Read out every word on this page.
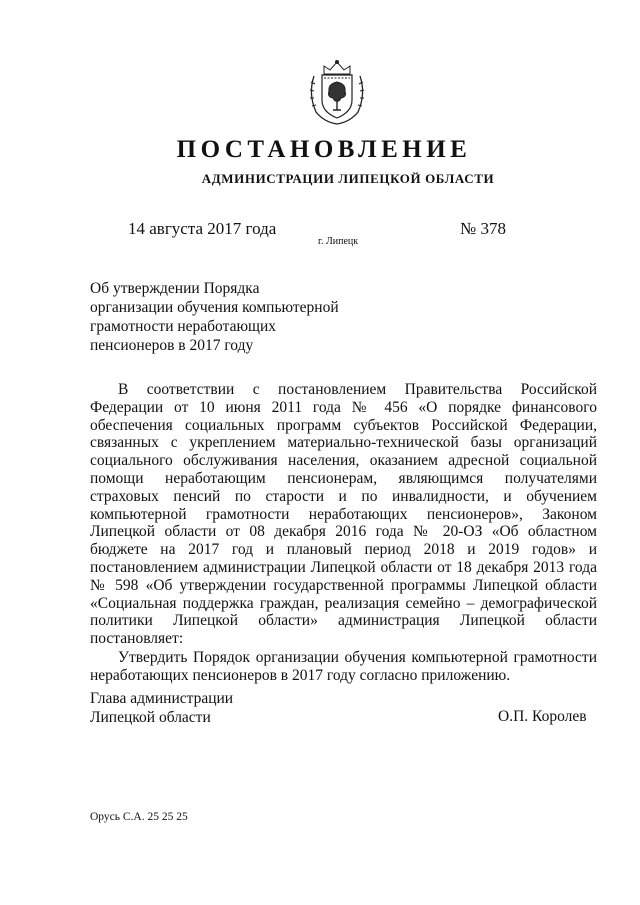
ПОСТАНОВЛЕНИЕ
АДМИНИСТРАЦИИ ЛИПЕЦКОЙ ОБЛАСТИ
14 августа 2017 года
г. Липецк
№ 378
Об утверждении Порядка
организации обучения компьютерной
грамотности неработающих
пенсионеров в 2017 году

В соответствии с постановлением Правительства Российской Федерации от 10 июня 2011 года № 456 «О порядке финансового обеспечения социальных программ субъектов Российской Федерации, связанных с укреплением материально-технической базы организаций социального обслуживания населения, оказанием адресной социальной помощи неработающим пенсионерам, являющимся получателями страховых пенсий по старости и по инвалидности, и обучением компьютерной грамотности неработающих пенсионеров», Законом Липецкой области от 08 декабря 2016 года № 20-ОЗ «Об областном бюджете на 2017 год и плановый период 2018 и 2019 годов» и постановлением администрации Липецкой области от 18 декабря 2013 года № 598 «Об утверждении государственной программы Липецкой области «Социальная поддержка граждан, реализация семейно – демографической политики Липецкой области» администрация Липецкой области постановляет:

Утвердить Порядок организации обучения компьютерной грамотности неработающих пенсионеров в 2017 году согласно приложению.

Глава администрации
Липецкой области	О.П. Королев
Орусь С.А. 25 25 25
